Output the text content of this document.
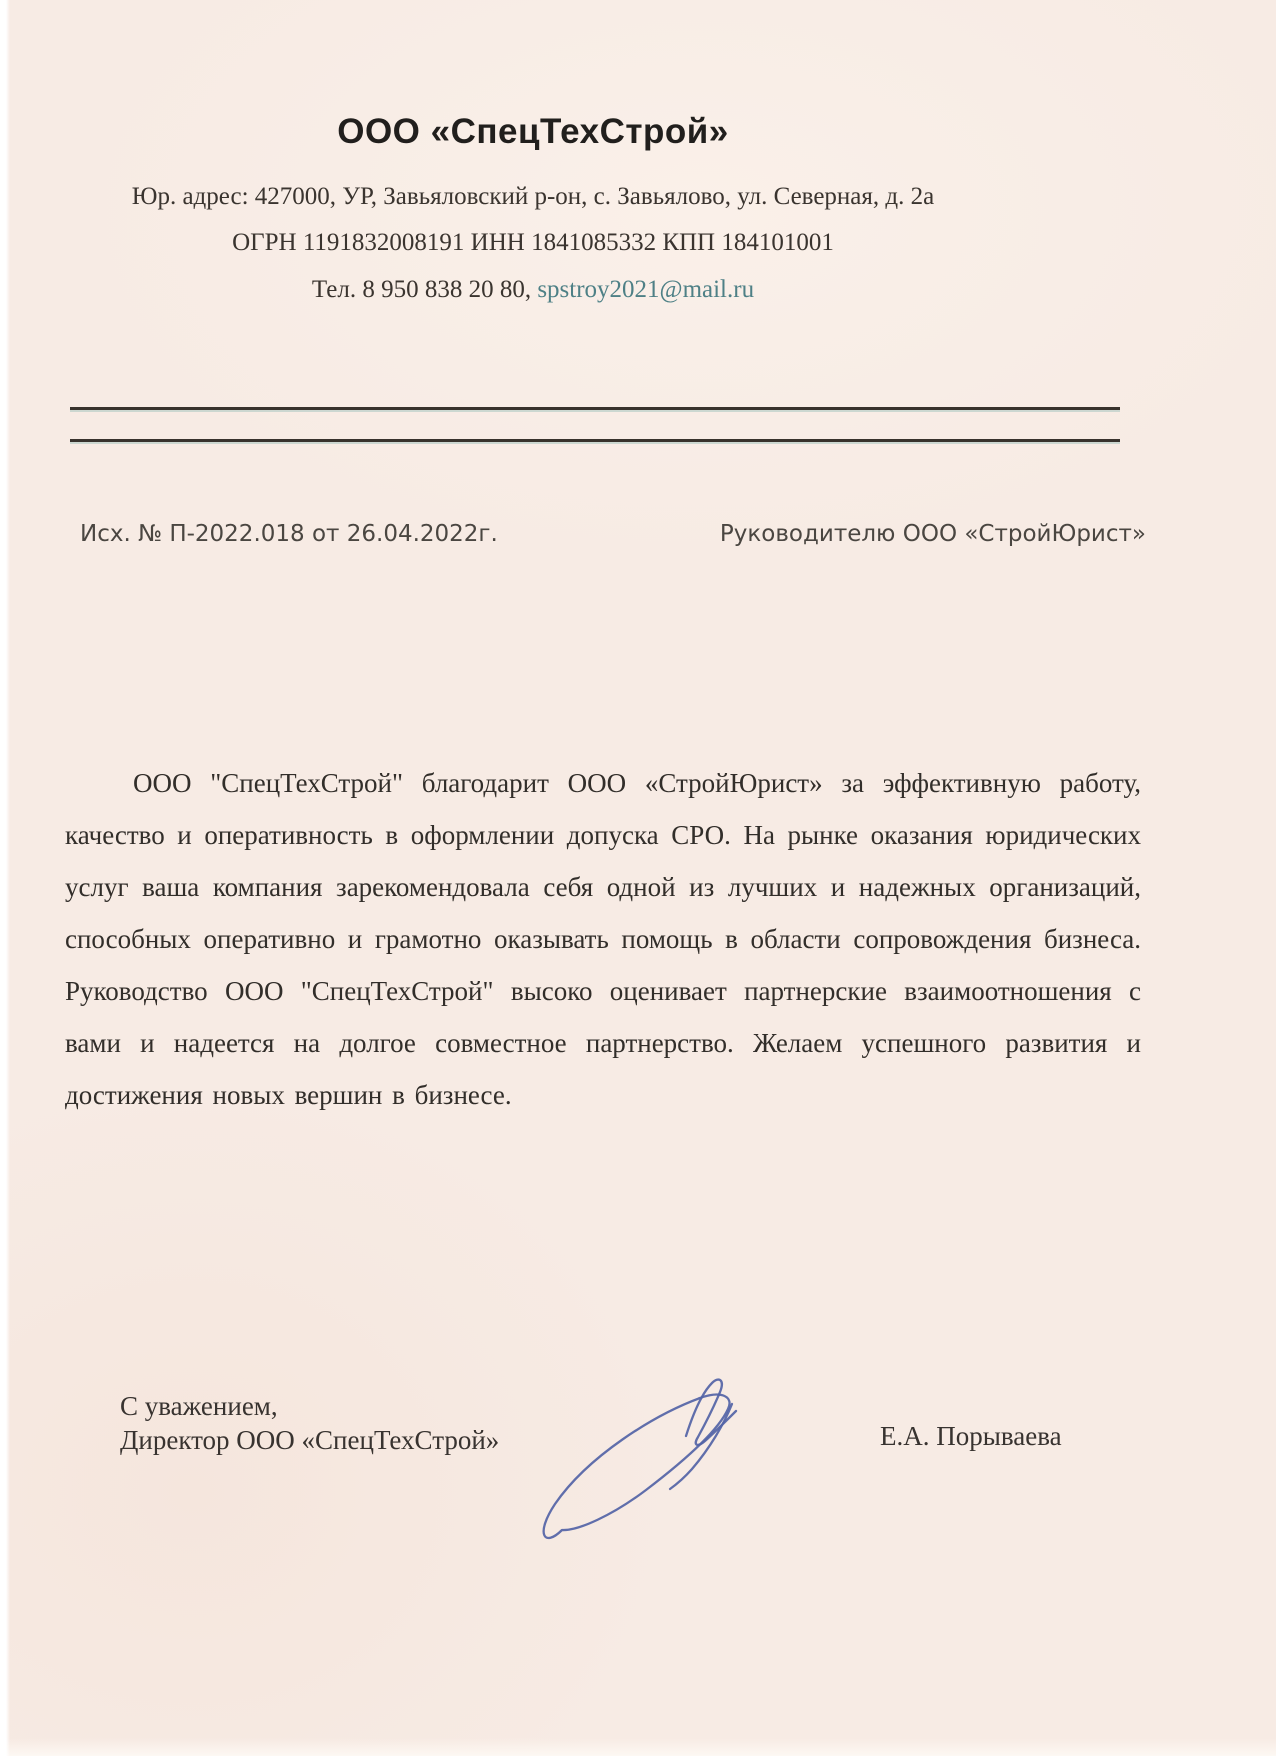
ООО «СпецТехСтрой»
Юр. адрес: 427000, УР, Завьяловский р-он, с. Завьялово, ул. Северная, д. 2а
ОГРН 1191832008191 ИНН 1841085332 КПП 184101001
Тел. 8 950 838 20 80, spstroy2021@mail.ru
Исх. № П-2022.018 от 26.04.2022г.	Руководителю ООО «СтройЮрист»
ООО "СпецТехСтрой" благодарит ООО «СтройЮрист» за эффективную работу, качество и оперативность в оформлении допуска СРО. На рынке оказания юридических услуг ваша компания зарекомендовала себя одной из лучших и надежных организаций, способных оперативно и грамотно оказывать помощь в области сопровождения бизнеса. Руководство ООО "СпецТехСтрой" высоко оценивает партнерские взаимоотношения с вами и надеется на долгое совместное партнерство. Желаем успешного развития и достижения новых вершин в бизнесе.
С уважением,
Директор ООО «СпецТехСтрой»	Е.А. Порываева
